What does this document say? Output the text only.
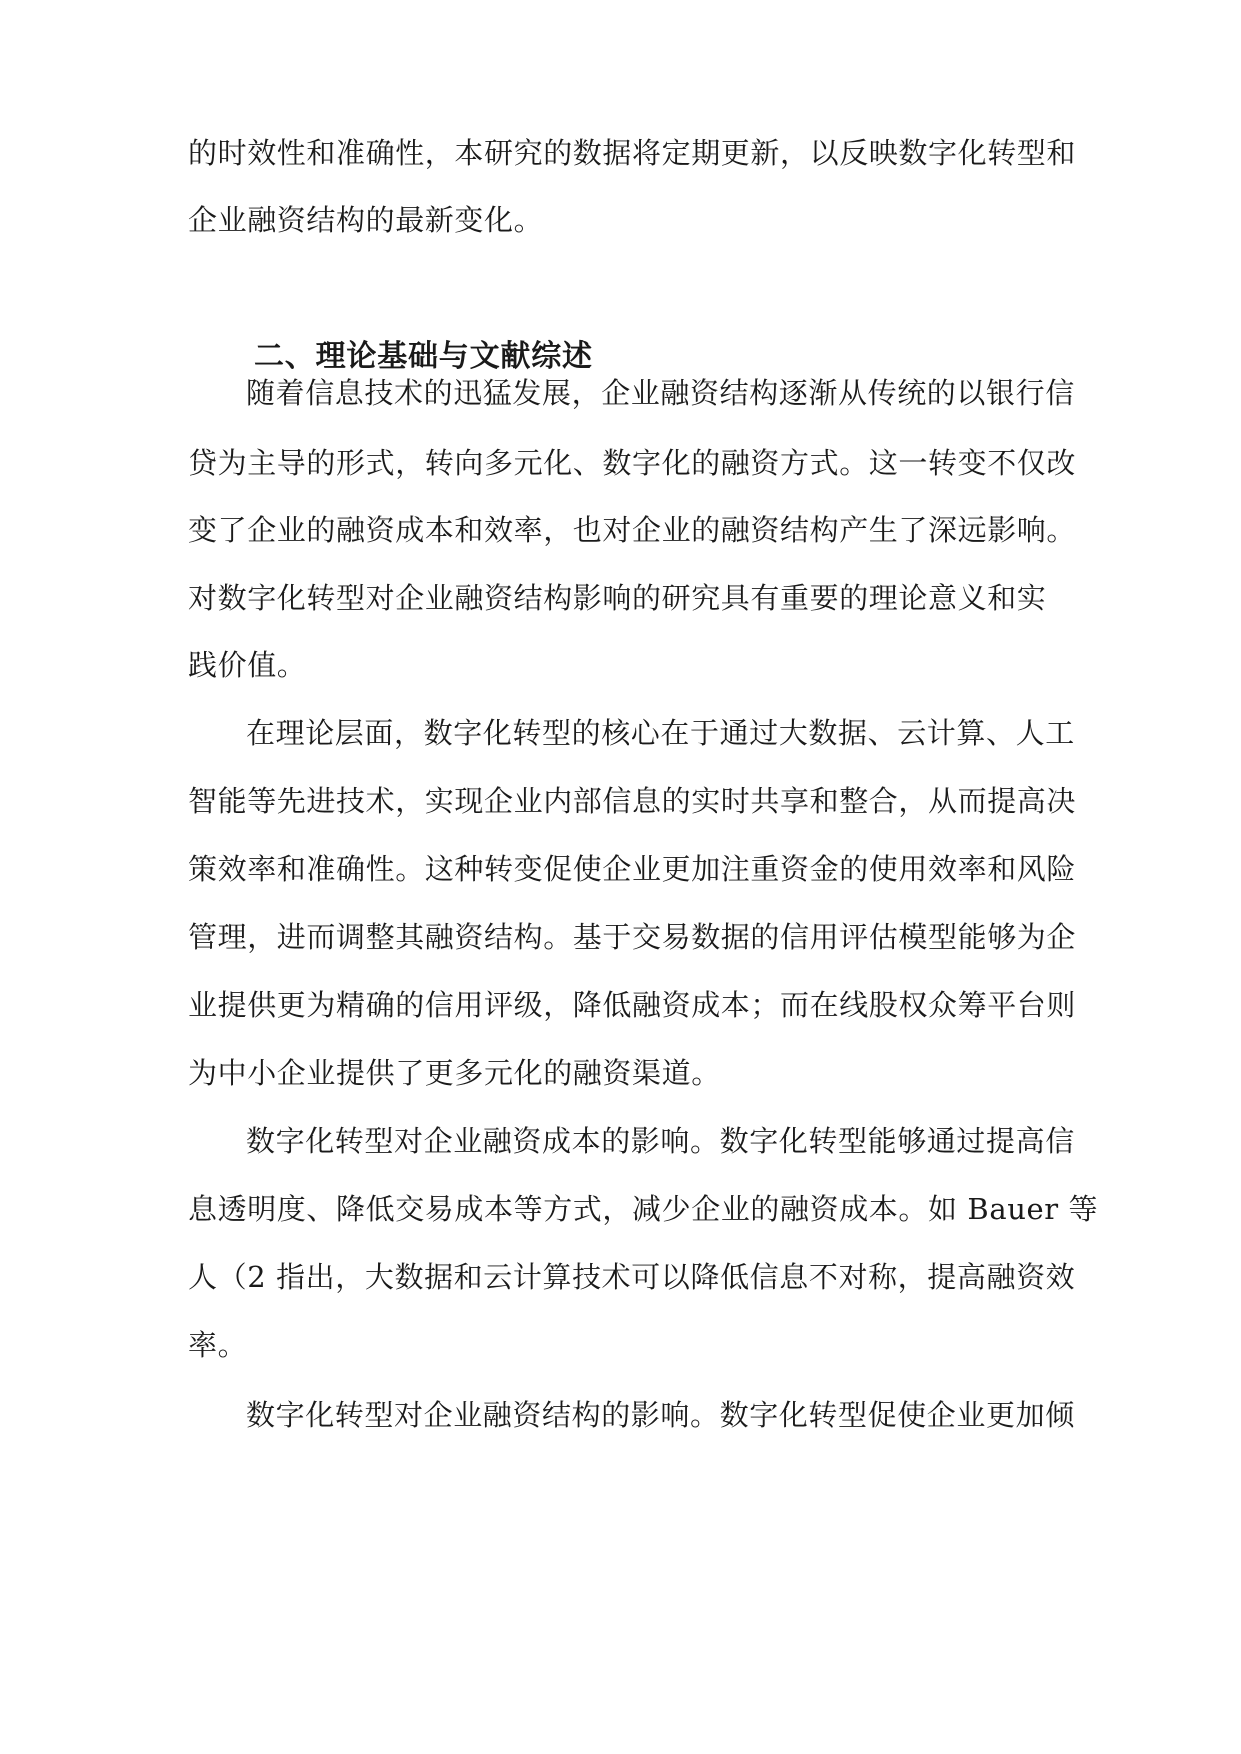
的时效性和准确性，本研究的数据将定期更新，以反映数字化转型和
企业融资结构的最新变化。
二、理论基础与文献综述
随着信息技术的迅猛发展，企业融资结构逐渐从传统的以银行信
贷为主导的形式，转向多元化、数字化的融资方式。这一转变不仅改
变了企业的融资成本和效率，也对企业的融资结构产生了深远影响。
对数字化转型对企业融资结构影响的研究具有重要的理论意义和实
践价值。
在理论层面，数字化转型的核心在于通过大数据、云计算、人工
智能等先进技术，实现企业内部信息的实时共享和整合，从而提高决
策效率和准确性。这种转变促使企业更加注重资金的使用效率和风险
管理，进而调整其融资结构。基于交易数据的信用评估模型能够为企
业提供更为精确的信用评级，降低融资成本；而在线股权众筹平台则
为中小企业提供了更多元化的融资渠道。
数字化转型对企业融资成本的影响。数字化转型能够通过提高信
息透明度、降低交易成本等方式，减少企业的融资成本。如 Bauer 等
人（2 指出，大数据和云计算技术可以降低信息不对称，提高融资效
率。
数字化转型对企业融资结构的影响。数字化转型促使企业更加倾
